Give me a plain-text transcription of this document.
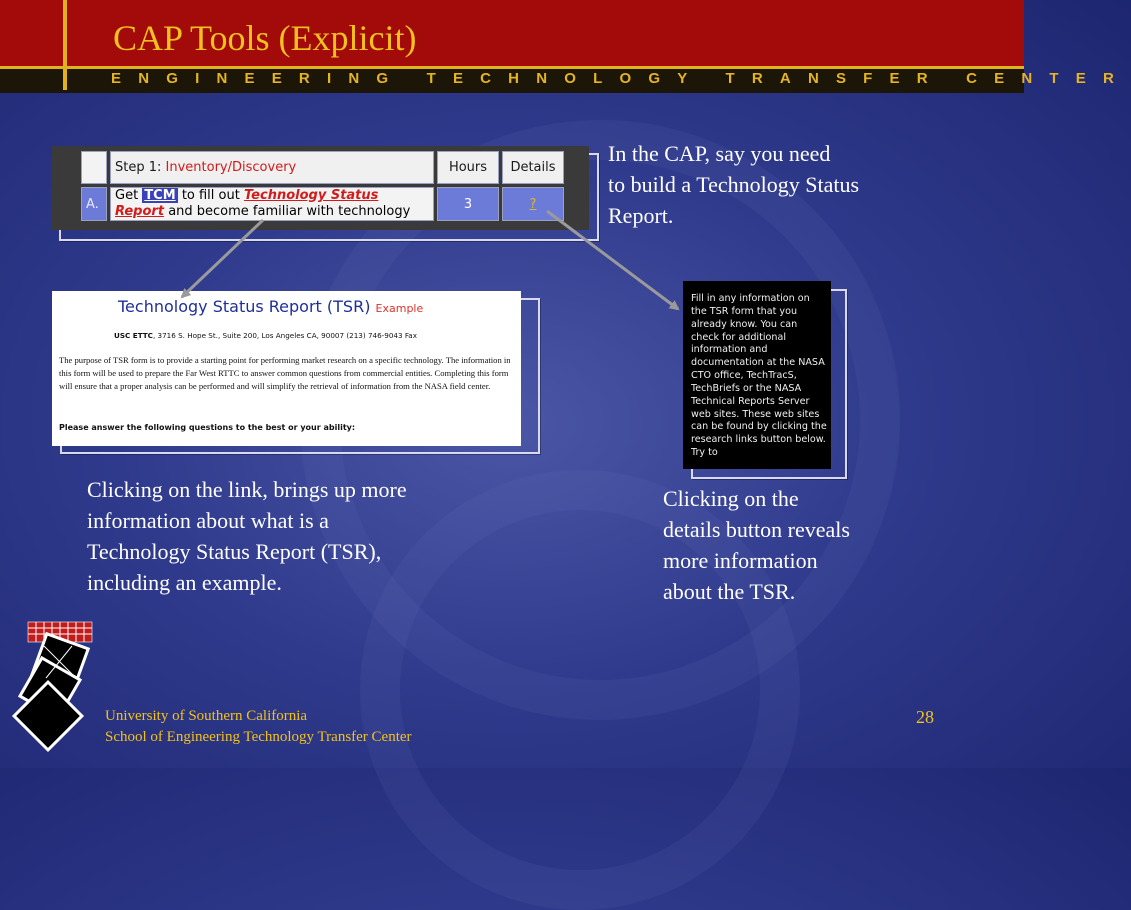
CAP Tools (Explicit)
ENGINEERING TECHNOLOGY TRANSFER CENTER
In the CAP, say you need
to build a Technology Status
Report.
	Step 1: Inventory/Discovery	Hours	Details
A.	Get TCM to fill out Technology Status
Report and become familiar with technology	3	?
Technology Status Report (TSR) Example
USC ETTC, 3716 S. Hope St., Suite 200, Los Angeles CA, 90007 (213) 746-9043 Fax
The purpose of TSR form is to provide a starting point for performing market research on a specific technology. The information in this form will be used to prepare the Far West RTTC to answer common questions from commercial entities. Completing this form will ensure that a proper analysis can be performed and will simplify the retrieval of information from the NASA field center.
Please answer the following questions to the best or your ability:
Fill in any information on the TSR form that you already know. You can check for additional information and documentation at the NASA CTO office, TechTracS, TechBriefs or the NASA Technical Reports Server web sites. These web sites can be found by clicking the research links button below. Try to
Clicking on the link, brings up more
information about what is a
Technology Status Report (TSR),
including an example.
Clicking on the
details button reveals
more information
about the TSR.
University of Southern California
School of Engineering Technology Transfer Center
28
